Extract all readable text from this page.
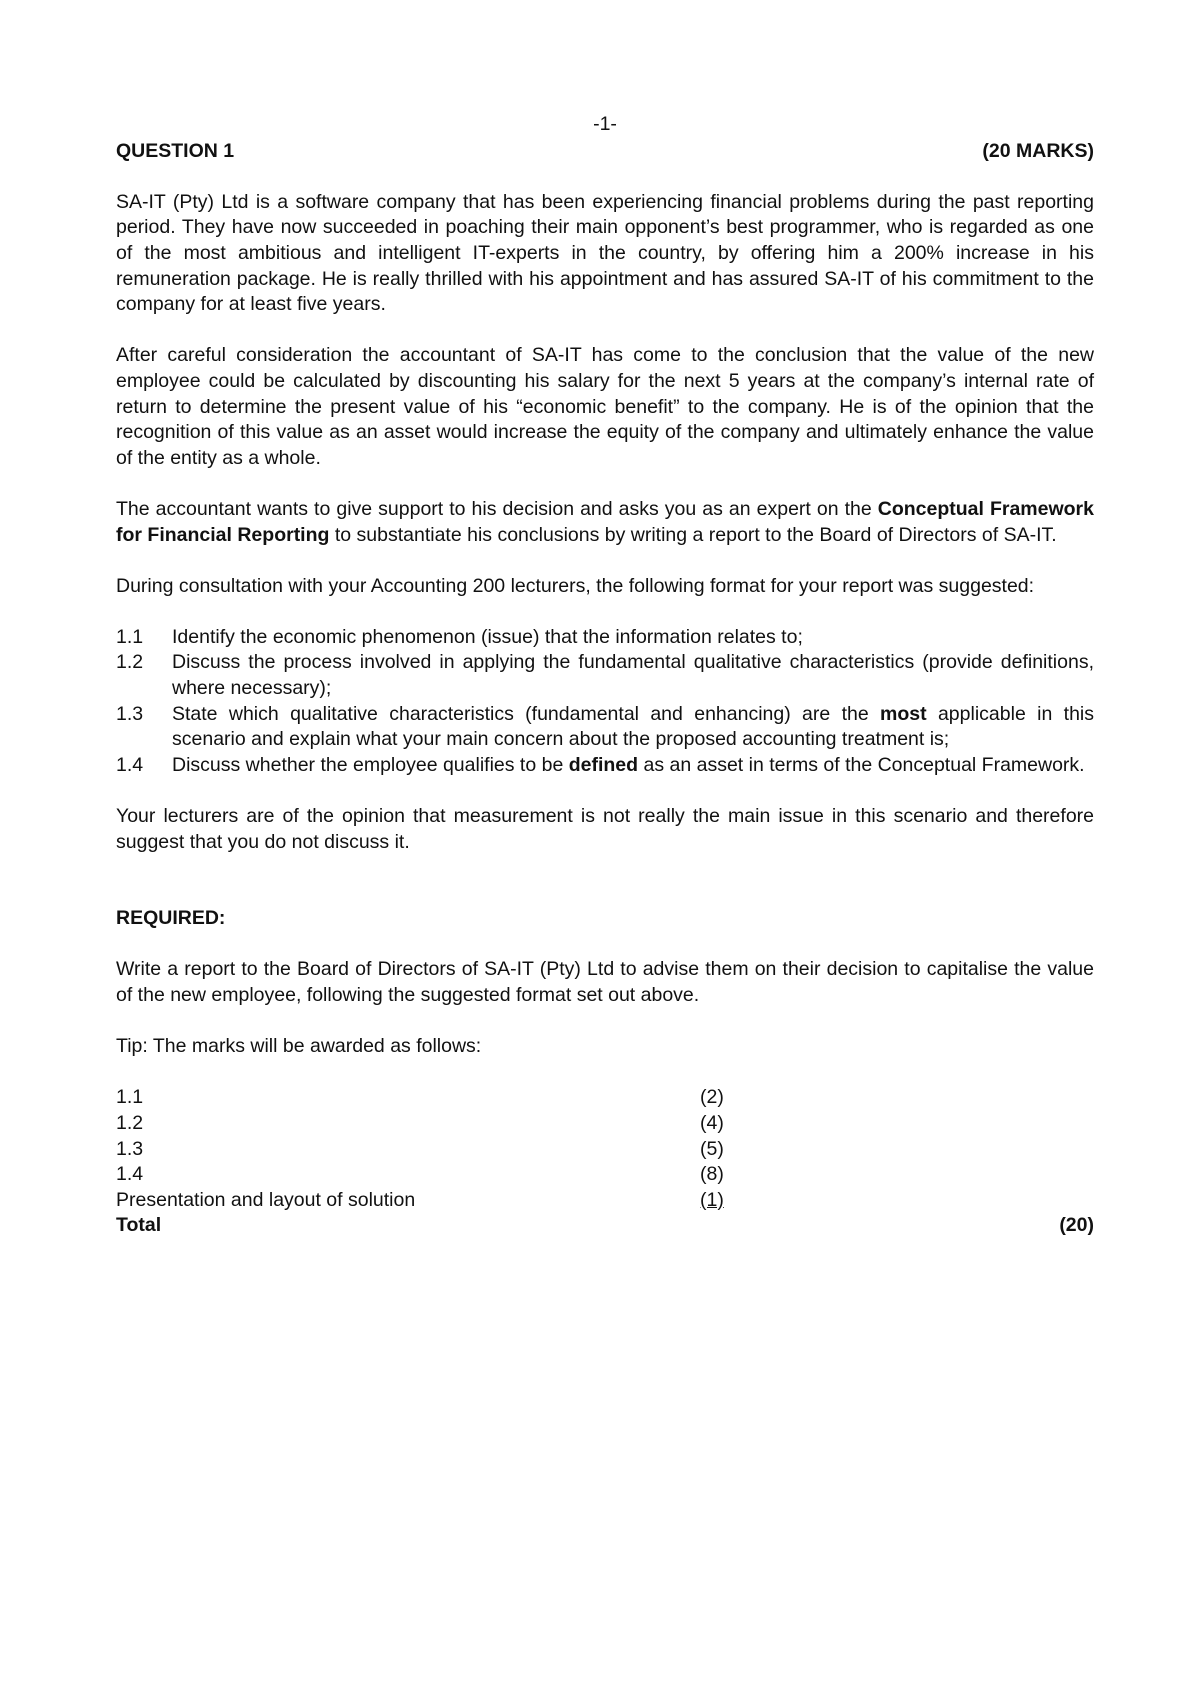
-1-
QUESTION 1	(20 MARKS)

SA-IT (Pty) Ltd is a software company that has been experiencing financial problems during the past reporting period. They have now succeeded in poaching their main opponent’s best programmer, who is regarded as one of the most ambitious and intelligent IT-experts in the country, by offering him a 200% increase in his remuneration package. He is really thrilled with his appointment and has assured SA-IT of his commitment to the company for at least five years.

After careful consideration the accountant of SA-IT has come to the conclusion that the value of the new employee could be calculated by discounting his salary for the next 5 years at the company’s internal rate of return to determine the present value of his “economic benefit” to the company. He is of the opinion that the recognition of this value as an asset would increase the equity of the company and ultimately enhance the value of the entity as a whole.

The accountant wants to give support to his decision and asks you as an expert on the Conceptual Framework for Financial Reporting to substantiate his conclusions by writing a report to the Board of Directors of SA-IT.

During consultation with your Accounting 200 lecturers, the following format for your report was suggested:

1.1	Identify the economic phenomenon (issue) that the information relates to;
1.2	Discuss the process involved in applying the fundamental qualitative characteristics (provide definitions, where necessary);
1.3	State which qualitative characteristics (fundamental and enhancing) are the most applicable in this scenario and explain what your main concern about the proposed accounting treatment is;
1.4	Discuss whether the employee qualifies to be defined as an asset in terms of the Conceptual Framework.

Your lecturers are of the opinion that measurement is not really the main issue in this scenario and therefore suggest that you do not discuss it.

REQUIRED:

Write a report to the Board of Directors of SA-IT (Pty) Ltd to advise them on their decision to capitalise the value of the new employee, following the suggested format set out above.

Tip: The marks will be awarded as follows:

1.1	(2)
1.2	(4)
1.3	(5)
1.4	(8)
Presentation and layout of solution	(1)
Total	(20)
